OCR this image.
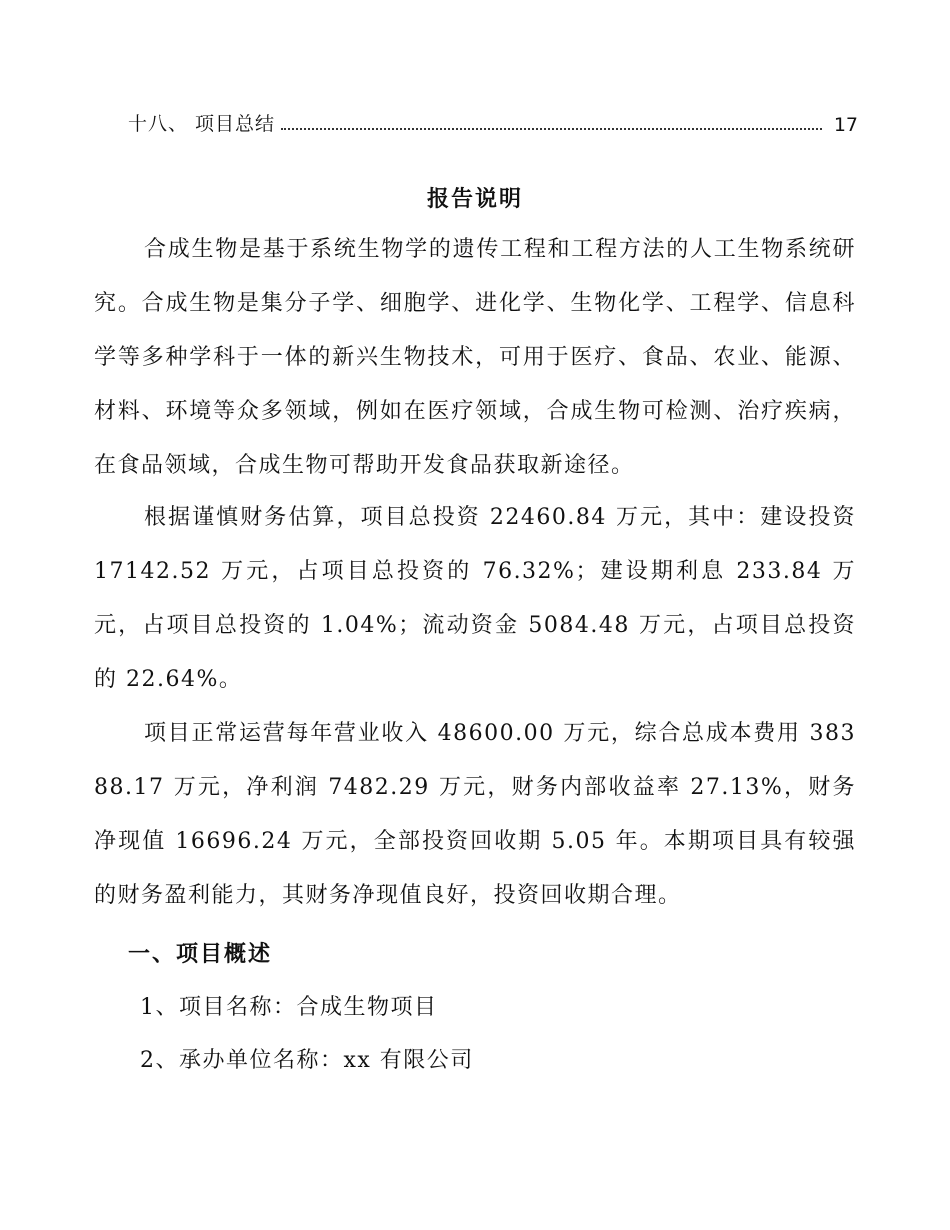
十八、 项目总结	17
报告说明

合成生物是基于系统生物学的遗传工程和工程方法的人工生物系统研究。合成生物是集分子学、细胞学、进化学、生物化学、工程学、信息科学等多种学科于一体的新兴生物技术，可用于医疗、食品、农业、能源、材料、环境等众多领域，例如在医疗领域，合成生物可检测、治疗疾病，在食品领域，合成生物可帮助开发食品获取新途径。

根据谨慎财务估算，项目总投资 22460.84 万元，其中：建设投资 17142.52 万元，占项目总投资的 76.32%；建设期利息 233.84 万元，占项目总投资的 1.04%；流动资金 5084.48 万元，占项目总投资的 22.64%。

项目正常运营每年营业收入 48600.00 万元，综合总成本费用 38388.17 万元，净利润 7482.29 万元，财务内部收益率 27.13%，财务净现值 16696.24 万元，全部投资回收期 5.05 年。本期项目具有较强的财务盈利能力，其财务净现值良好，投资回收期合理。

一、项目概述
1、项目名称：合成生物项目
2、承办单位名称：xx 有限公司
